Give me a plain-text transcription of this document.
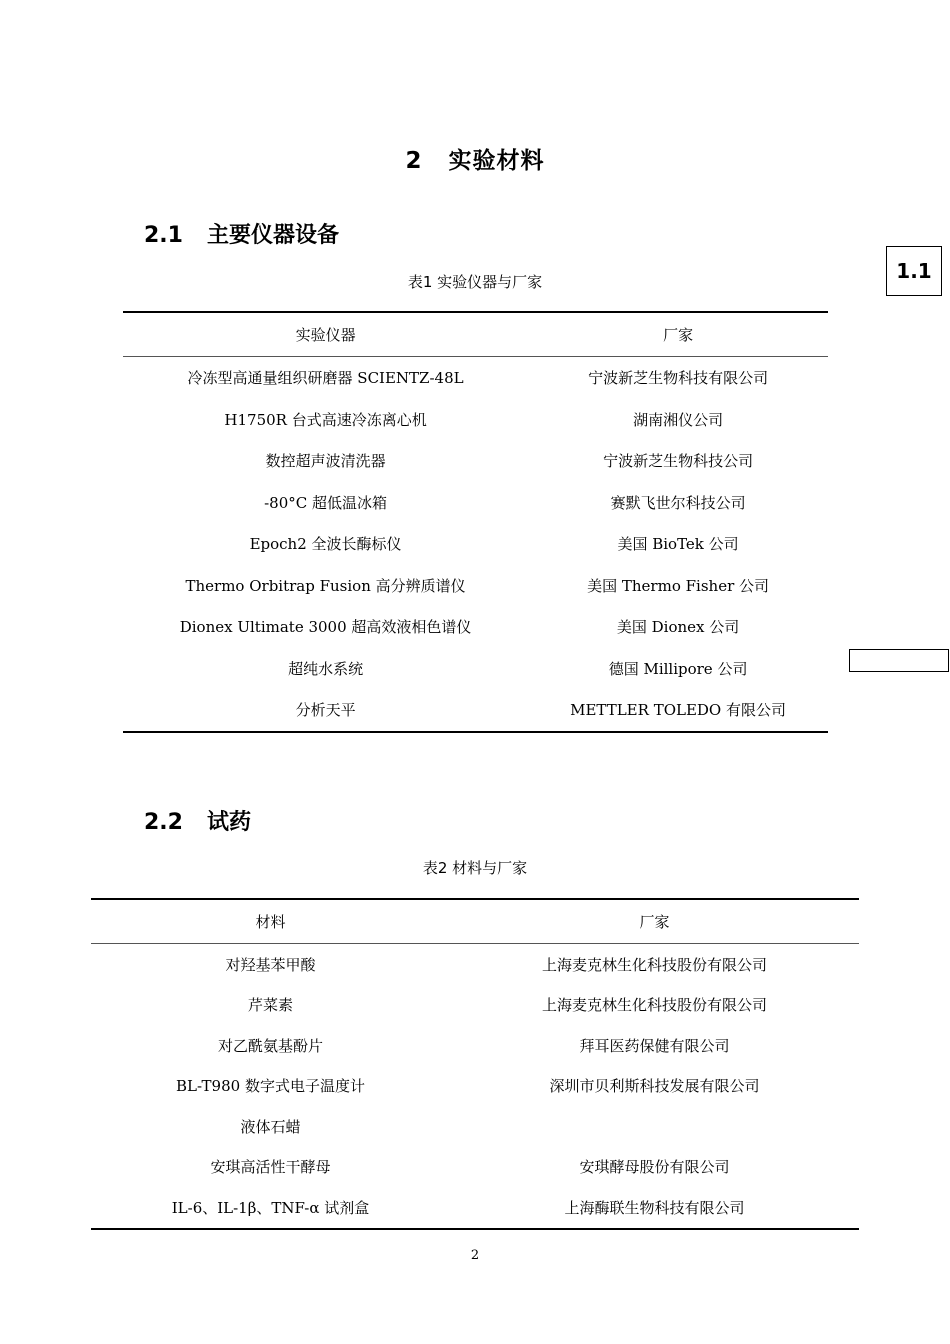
2 实验材料
2.1 主要仪器设备
表1 实验仪器与厂家
实验仪器	厂家
冷冻型高通量组织研磨器 SCIENTZ-48L	宁波新芝生物科技有限公司
H1750R 台式高速冷冻离心机	湖南湘仪公司
数控超声波清洗器	宁波新芝生物科技公司
-80°C 超低温冰箱	赛默飞世尔科技公司
Epoch2 全波长酶标仪	美国 BioTek 公司
Thermo Orbitrap Fusion 高分辨质谱仪	美国 Thermo Fisher 公司
Dionex Ultimate 3000 超高效液相色谱仪	美国 Dionex 公司
超纯水系统	德国 Millipore 公司
分析天平	METTLER TOLEDO 有限公司
2.2 试药
表2 材料与厂家
材料	厂家
对羟基苯甲酸	上海麦克林生化科技股份有限公司
芹菜素	上海麦克林生化科技股份有限公司
对乙酰氨基酚片	拜耳医药保健有限公司
BL-T980 数字式电子温度计	深圳市贝利斯科技发展有限公司
液体石蜡	
安琪高活性干酵母	安琪酵母股份有限公司
IL-6、IL-1β、TNF-α 试剂盒	上海酶联生物科技有限公司
1.1
2
